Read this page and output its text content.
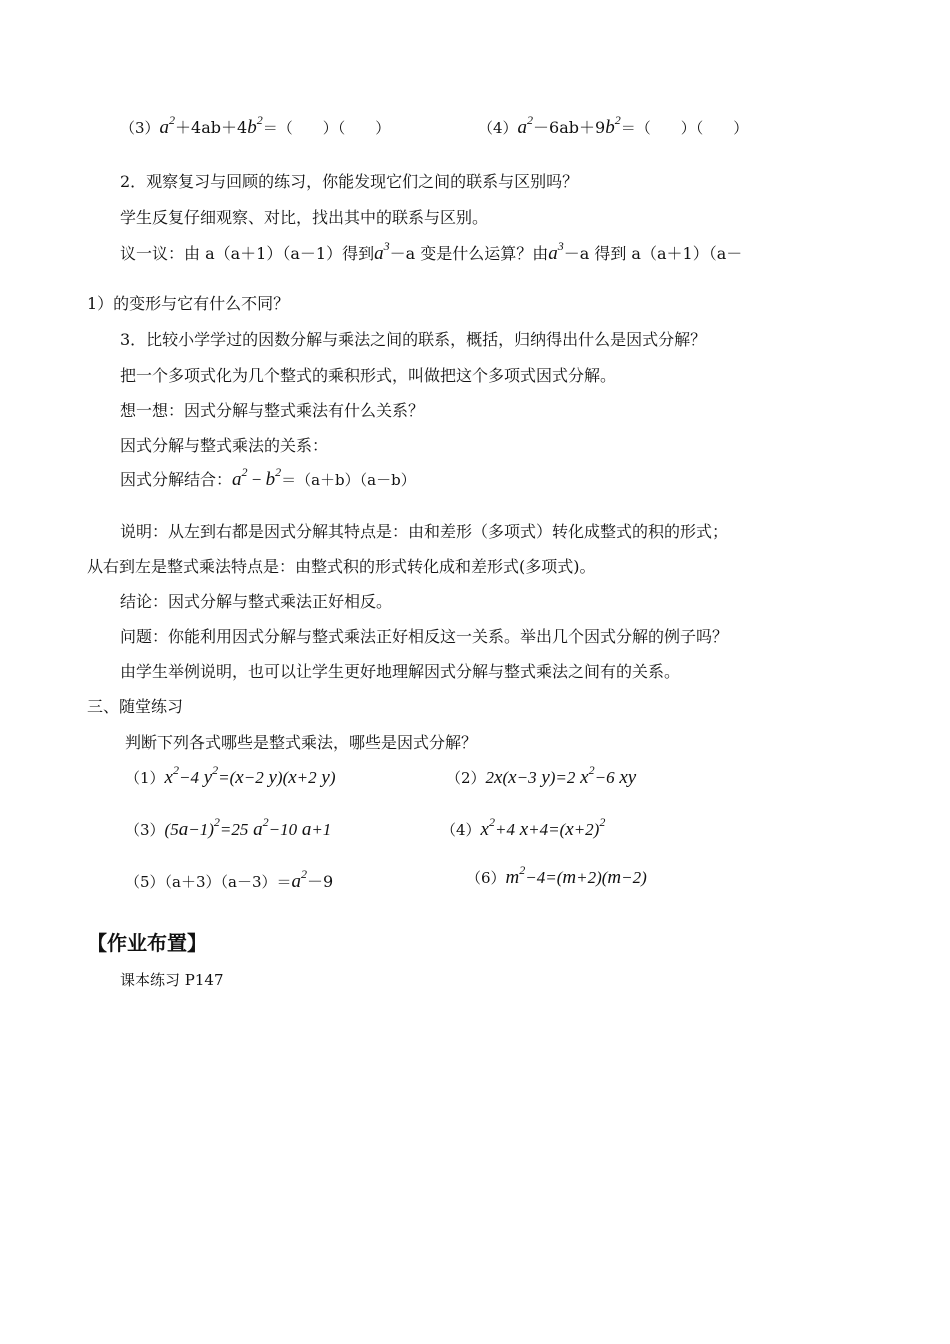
$(3)a^2+4ab+4b^2=$（　　）（　　）	$(4)a^2-6ab+9b^2=$（　　）（　　）
2．观察复习与回顾的练习，你能发现它们之间的联系与区别吗？
学生反复仔细观察、对比，找出其中的联系与区别。
议一议：由 a（a＋1）（a－1）得到$a^3-a$ 变是什么运算？由$a^3-a$ 得到 a（a＋1）（a－
1）的变形与它有什么不同？
3．比较小学学过的因数分解与乘法之间的联系，概括，归纳得出什么是因式分解？
把一个多项式化为几个整式的乘积形式，叫做把这个多项式因式分解。
想一想：因式分解与整式乘法有什么关系？
因式分解与整式乘法的关系：
因式分解结合：$a^2 - b^2=(a+b)(a-b)$
说明：从左到右都是因式分解其特点是：由和差形（多项式）转化成整式的积的形式；
从右到左是整式乘法特点是：由整式积的形式转化成和差形式(多项式)。
结论：因式分解与整式乘法正好相反。
问题：你能利用因式分解与整式乘法正好相反这一关系。举出几个因式分解的例子吗？
由学生举例说明，也可以让学生更好地理解因式分解与整式乘法之间有的关系。
三、随堂练习
判断下列各式哪些是整式乘法，哪些是因式分解？
$(1)x^2-4$ $y^2=(x-2$ y)(x+2 y)	（2）2x(x−3 y)=2 $x^2-6$ xy
$(3)(5a-1)^2=25$ $a^2-10$ a+1	$(4)x^2+4$ $x+4=(x+2)^2$
$(5)(a+3)(a-3)=a^2-9$	$(6)m^2-4=(m+2)(m-2)$
【作业布置】
课本练习 P147
